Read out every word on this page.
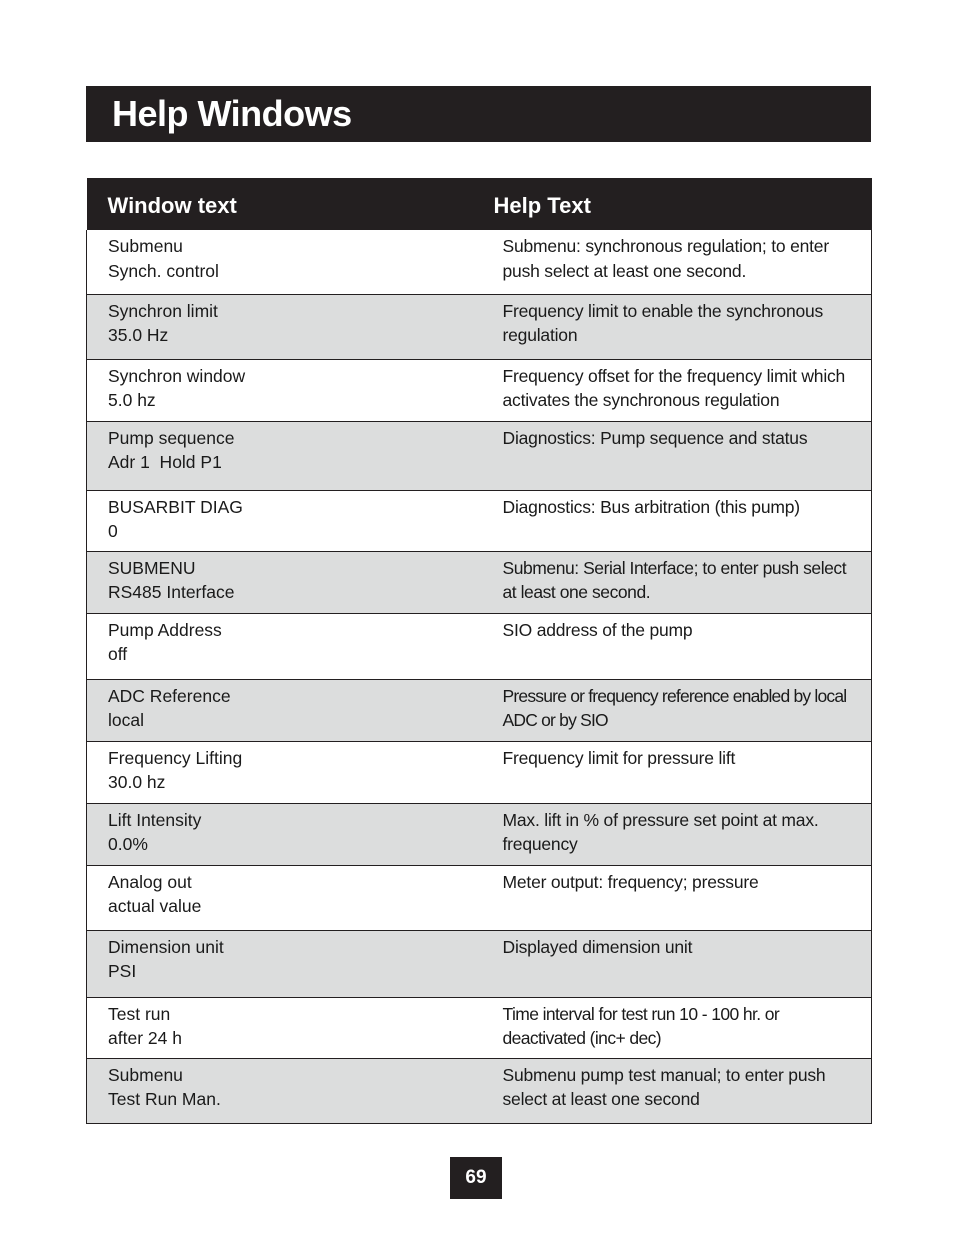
Help Windows
Window text	Help Text

Submenu
Synch. control	Submenu: synchronous regulation; to enter
push select at least one second.

Synchron limit
35.0 Hz	Frequency limit to enable the synchronous
regulation

Synchron window
5.0 hz	Frequency offset for the frequency limit which
activates the synchronous regulation

Pump sequence
Adr 1  Hold P1	Diagnostics: Pump sequence and status

BUSARBIT DIAG
0	Diagnostics: Bus arbitration (this pump)

SUBMENU
RS485 Interface	Submenu: Serial Interface; to enter push select
at least one second.

Pump Address
off	SIO address of the pump

ADC Reference
local	Pressure or frequency reference enabled by local
ADC or by SIO

Frequency Lifting
30.0 hz	Frequency limit for pressure lift

Lift Intensity
0.0%	Max. lift in % of pressure set point at max.
frequency

Analog out
actual value	Meter output: frequency; pressure

Dimension unit
PSI	Displayed dimension unit

Test run
after 24 h	Time interval for test run 10 - 100 hr. or
deactivated (inc+ dec)

Submenu
Test Run Man.	Submenu pump test manual; to enter push
select at least one second
69
